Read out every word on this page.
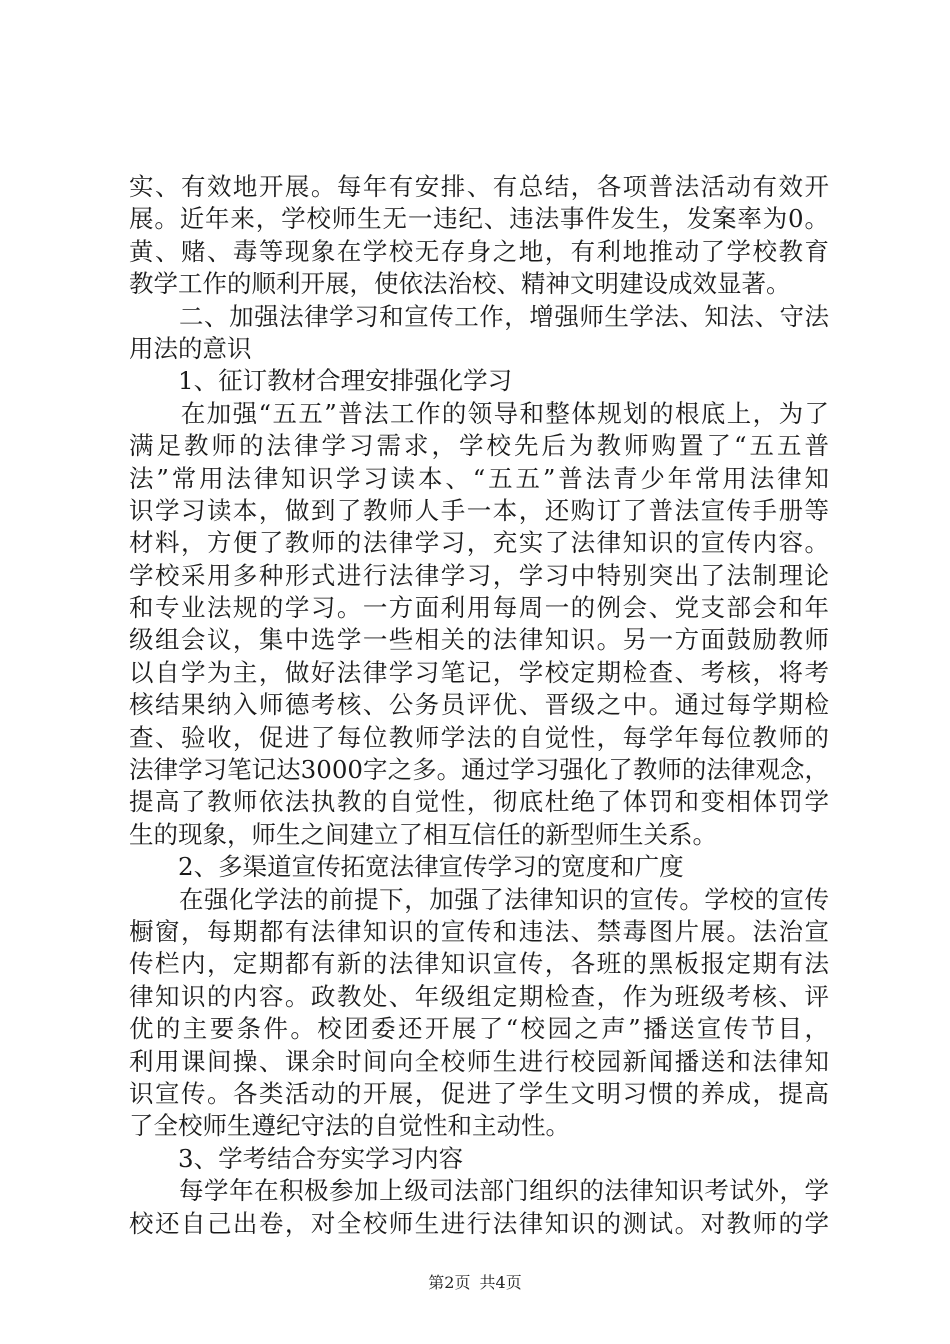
实、有效地开展。每年有安排、有总结，各项普法活动有效开
展。近年来，学校师生无一违纪、违法事件发生，发案率为0。
黄、赌、毒等现象在学校无存身之地，有利地推动了学校教育
教学工作的顺利开展，使依法治校、精神文明建设成效显著。
　　二、加强法律学习和宣传工作，增强师生学法、知法、守法
用法的意识
　　1、征订教材合理安排强化学习
　　在加强“五五”普法工作的领导和整体规划的根底上，为了
满足教师的法律学习需求，学校先后为教师购置了“五五普
法”常用法律知识学习读本、“五五”普法青少年常用法律知
识学习读本，做到了教师人手一本，还购订了普法宣传手册等
材料，方便了教师的法律学习，充实了法律知识的宣传内容。
学校采用多种形式进行法律学习，学习中特别突出了法制理论
和专业法规的学习。一方面利用每周一的例会、党支部会和年
级组会议，集中选学一些相关的法律知识。另一方面鼓励教师
以自学为主，做好法律学习笔记，学校定期检查、考核，将考
核结果纳入师德考核、公务员评优、晋级之中。通过每学期检
查、验收，促进了每位教师学法的自觉性，每学年每位教师的
法律学习笔记达3000字之多。通过学习强化了教师的法律观念，
提高了教师依法执教的自觉性，彻底杜绝了体罚和变相体罚学
生的现象，师生之间建立了相互信任的新型师生关系。
　　2、多渠道宣传拓宽法律宣传学习的宽度和广度
　　在强化学法的前提下，加强了法律知识的宣传。学校的宣传
橱窗，每期都有法律知识的宣传和违法、禁毒图片展。法治宣
传栏内，定期都有新的法律知识宣传，各班的黑板报定期有法
律知识的内容。政教处、年级组定期检查，作为班级考核、评
优的主要条件。校团委还开展了“校园之声”播送宣传节目，
利用课间操、课余时间向全校师生进行校园新闻播送和法律知
识宣传。各类活动的开展，促进了学生文明习惯的养成，提高
了全校师生遵纪守法的自觉性和主动性。
　　3、学考结合夯实学习内容
　　每学年在积极参加上级司法部门组织的法律知识考试外，学
校还自己出卷，对全校师生进行法律知识的测试。对教师的学
第2页 共4页
